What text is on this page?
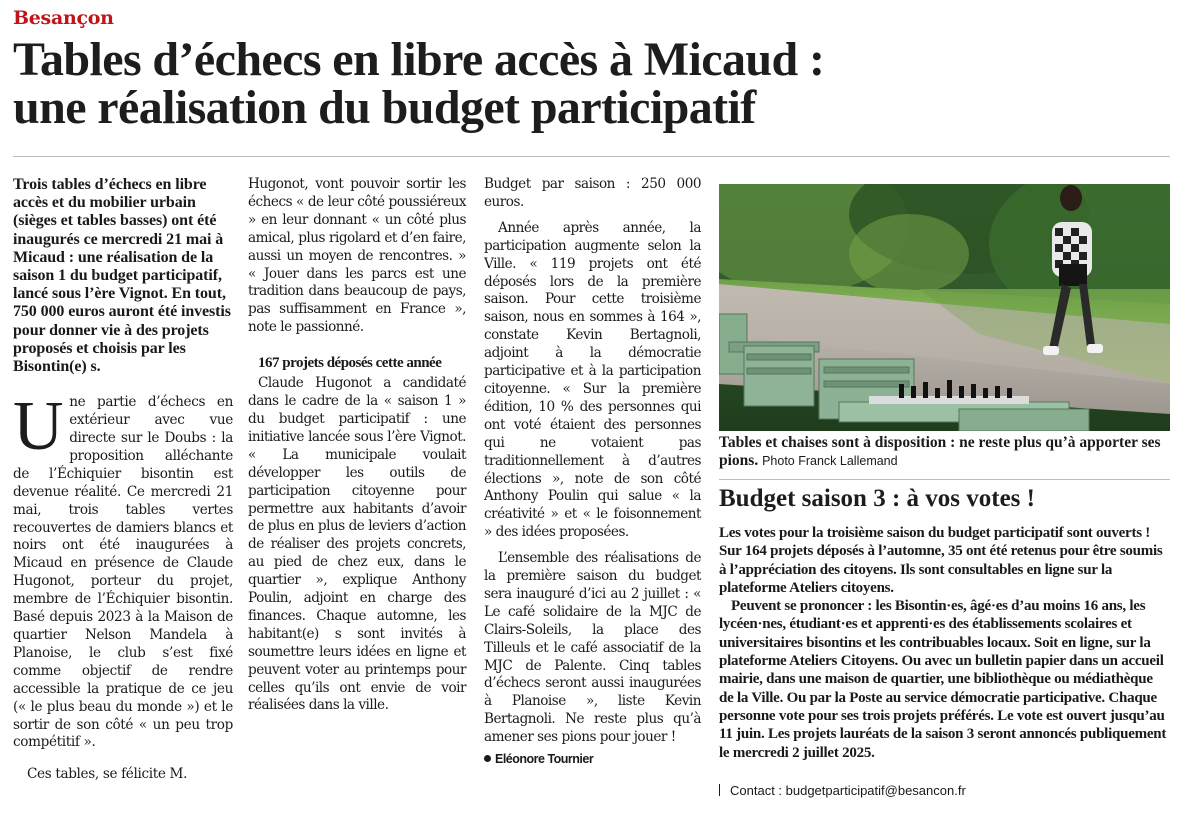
Besançon
Tables d’échecs en libre accès à Micaud :
une réalisation du budget participatif

Trois tables d’échecs en libre accès et du mobilier urbain (sièges et tables basses) ont été inaugurés ce mercredi 21 mai à Micaud : une réalisation de la saison 1 du budget participatif, lancé sous l’ère Vignot. En tout, 750 000 euros auront été investis pour donner vie à des projets proposés et choisis par les Bisontin(e) s.

U ne partie d’échecs en extérieur avec vue directe sur le Doubs : la proposition alléchante de l’Échiquier bisontin est devenue réalité. Ce mercredi 21 mai, trois tables vertes recouvertes de damiers blancs et noirs ont été inaugurées à Micaud en présence de Claude Hugonot, porteur du projet, membre de l’Échiquier bisontin. Basé depuis 2023 à la Maison de quartier Nelson Mandela à Planoise, le club s’est fixé comme objectif de rendre accessible la pratique de ce jeu (« le plus beau du monde ») et le sortir de son côté « un peu trop compétitif ».

Ces tables, se félicite M.

Hugonot, vont pouvoir sortir les échecs « de leur côté poussiéreux » en leur donnant « un côté plus amical, plus rigolard et d’en faire, aussi un moyen de rencontres. » « Jouer dans les parcs est une tradition dans beaucoup de pays, pas suffisamment en France », note le passionné.

167 projets déposés cette année

Claude Hugonot a candidaté dans le cadre de la « saison 1 » du budget participatif : une initiative lancée sous l’ère Vignot. « La municipale voulait développer les outils de participation citoyenne pour permettre aux habitants d’avoir de plus en plus de leviers d’action de réaliser des projets concrets, au pied de chez eux, dans le quartier », explique Anthony Poulin, adjoint en charge des finances. Chaque automne, les habitant(e) s sont invités à soumettre leurs idées en ligne et peuvent voter au printemps pour celles qu’ils ont envie de voir réalisées dans la ville.

Budget par saison : 250 000 euros.

Année après année, la participation augmente selon la Ville. « 119 projets ont été déposés lors de la première saison. Pour cette troisième saison, nous en sommes à 164 », constate Kevin Bertagnoli, adjoint à la démocratie participative et à la participation citoyenne. « Sur la première édition, 10 % des personnes qui ont voté étaient des personnes qui ne votaient pas traditionnellement à d’autres élections », note de son côté Anthony Poulin qui salue « la créativité » et « le foisonnement » des idées proposées.

L’ensemble des réalisations de la première saison du budget sera inauguré d’ici au 2 juillet : « Le café solidaire de la MJC de Clairs-Soleils, la place des Tilleuls et le café associatif de la MJC de Palente. Cinq tables d’échecs seront aussi inaugurées à Planoise », liste Kevin Bertagnoli. Ne reste plus qu’à amener ses pions pour jouer !

Eléonore Tournier

Tables et chaises sont à disposition : ne reste plus qu’à apporter ses pions. Photo Franck Lallemand

Budget saison 3 : à vos votes !

Les votes pour la troisième saison du budget participatif sont ouverts ! Sur 164 projets déposés à l’automne, 35 ont été retenus pour être soumis à l’appréciation des citoyens. Ils sont consultables en ligne sur la plateforme Ateliers citoyens.

Peuvent se prononcer : les Bisontin·es, âgé·es d’au moins 16 ans, les lycéen·nes, étudiant·es et apprenti·es des établissements scolaires et universitaires bisontins et les contribuables locaux. Soit en ligne, sur la plateforme Ateliers Citoyens. Ou avec un bulletin papier dans un accueil mairie, dans une maison de quartier, une bibliothèque ou médiathèque de la Ville. Ou par la Poste au service démocratie participative. Chaque personne vote pour ses trois projets préférés. Le vote est ouvert jusqu’au 11 juin. Les projets lauréats de la saison 3 seront annoncés publiquement le mercredi 2 juillet 2025.

Contact : budgetparticipatif@besancon.fr
